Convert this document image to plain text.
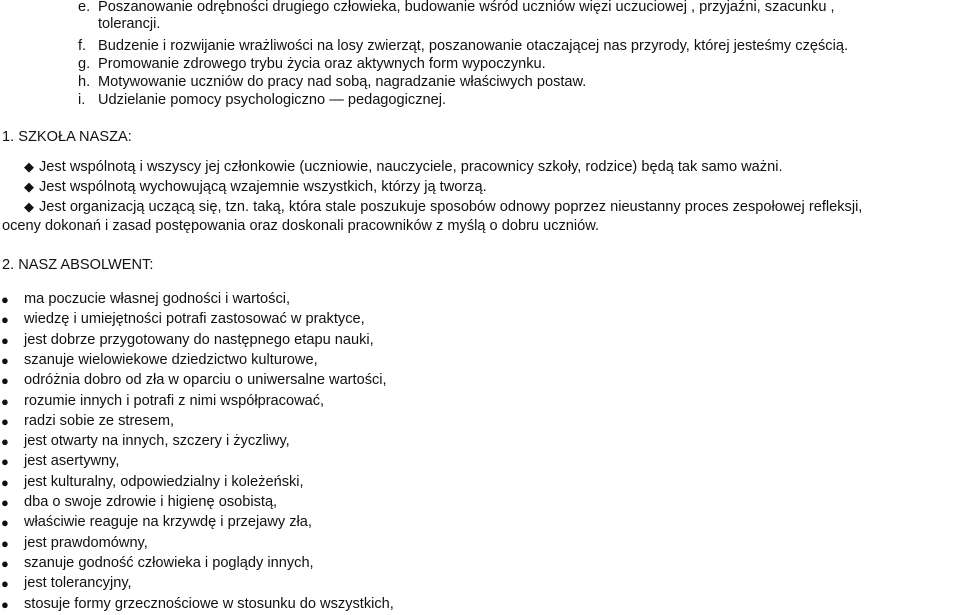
e. Poszanowanie odrębności drugiego człowieka, budowanie wśród uczniów więzi uczuciowej , przyjaźni, szacunku ,
tolerancji.
f. Budzenie i rozwijanie wrażliwości na losy zwierząt, poszanowanie otaczającej nas przyrody, której jesteśmy częścią.
g. Promowanie zdrowego trybu życia oraz aktywnych form wypoczynku.
h. Motywowanie uczniów do pracy nad sobą, nagradzanie właściwych postaw.
i. Udzielanie pomocy psychologiczno — pedagogicznej.
1. SZKOŁA NASZA:
◆ Jest wspólnotą i wszyscy jej członkowie (uczniowie, nauczyciele, pracownicy szkoły, rodzice) będą tak samo ważni.
◆ Jest wspólnotą wychowującą wzajemnie wszystkich, którzy ją tworzą.
◆ Jest organizacją uczącą się, tzn. taką, która stale poszukuje sposobów odnowy poprzez nieustanny proces zespołowej refleksji,
oceny dokonań i zasad postępowania oraz doskonali pracowników z myślą o dobru uczniów.
2. NASZ ABSOLWENT:
● ma poczucie własnej godności i wartości,
● wiedzę i umiejętności potrafi zastosować w praktyce,
● jest dobrze przygotowany do następnego etapu nauki,
● szanuje wielowiekowe dziedzictwo kulturowe,
● odróżnia dobro od zła w oparciu o uniwersalne wartości,
● rozumie innych i potrafi z nimi współpracować,
● radzi sobie ze stresem,
● jest otwarty na innych, szczery i życzliwy,
● jest asertywny,
● jest kulturalny, odpowiedzialny i koleżeński,
● dba o swoje zdrowie i higienę osobistą,
● właściwie reaguje na krzywdę i przejawy zła,
● jest prawdomówny,
● szanuje godność człowieka i poglądy innych,
● jest tolerancyjny,
● stosuje formy grzecznościowe w stosunku do wszystkich,
